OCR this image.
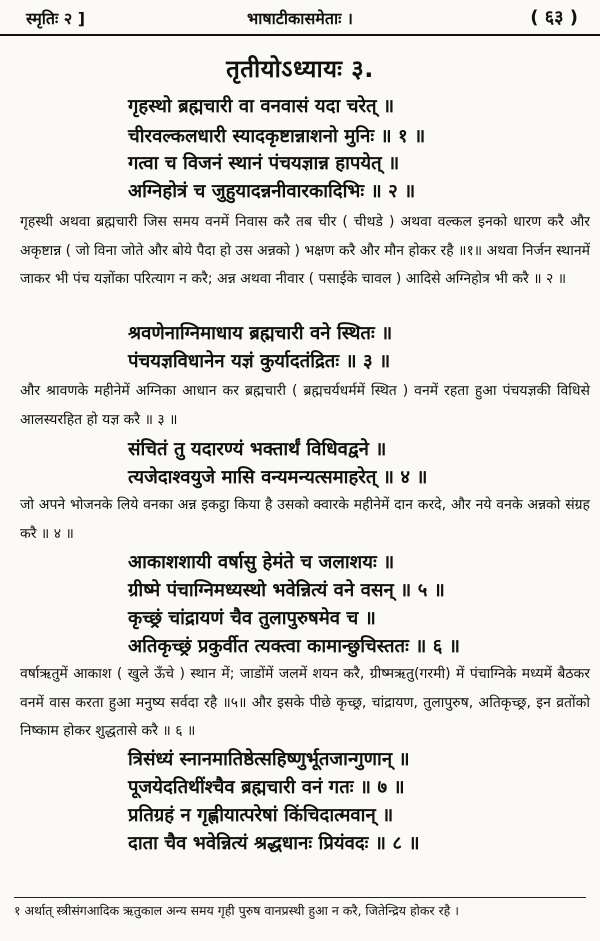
स्मृतिः २ ]	भाषाटीकासमेताः ।	( ६३ )
तृतीयोऽध्यायः ३.
गृहस्थो ब्रह्मचारी वा वनवासं यदा चरेत् ॥
चीरवल्कलधारी स्यादकृष्टान्नाशनो मुनिः ॥ १ ॥
गत्वा च विजनं स्थानं पंचयज्ञान्न हापयेत् ॥
अग्निहोत्रं च जुहुयादन्ननीवारकादिभिः ॥ २ ॥
गृहस्थी अथवा ब्रह्मचारी जिस समय वनमें निवास करै तब चीर ( चीथडे ) अथवा वल्कल इनको धारण करै और अकृष्टान्न ( जो विना जोते और बोये पैदा हो उस अन्नको ) भक्षण करै और मौन होकर रहै ॥१॥ अथवा निर्जन स्थानमें जाकर भी पंच यज्ञोंका परित्याग न करै; अन्न अथवा नीवार ( पसाईके चावल ) आदिसे अग्निहोत्र भी करै ॥ २ ॥
श्रवणेनाग्निमाधाय ब्रह्मचारी वने स्थितः ॥
पंचयज्ञविधानेन यज्ञं कुर्यादतंद्रितः ॥ ३ ॥
और श्रावणके महीनेमें अग्निका आधान कर ब्रह्मचारी ( ब्रह्मचर्यधर्ममें स्थित ) वनमें रहता हुआ पंचयज्ञकी विधिसे आलस्यरहित हो यज्ञ करै ॥ ३ ॥
संचितं तु यदारण्यं भक्तार्थं विधिवद्वने ॥
त्यजेदाश्वयुजे मासि वन्यमन्यत्समाहरेत् ॥ ४ ॥
जो अपने भोजनके लिये वनका अन्न इकट्ठा किया है उसको क्वारके महीनेमें दान करदे, और नये वनके अन्नको संग्रह करै ॥ ४ ॥
आकाशशायी वर्षासु हेमंते च जलाशयः ॥
ग्रीष्मे पंचाग्निमध्यस्थो भवेन्नित्यं वने वसन् ॥ ५ ॥
कृच्छ्रं चांद्रायणं चैव तुलापुरुषमेव च ॥
अतिकृच्छ्रं प्रकुर्वीत त्यक्त्वा कामान्छुचिस्ततः ॥ ६ ॥
वर्षाऋतुमें आकाश ( खुले ऊँचे ) स्थान में; जाडोंमें जलमें शयन करै, ग्रीष्मऋतु(गरमी) में पंचाग्निके मध्यमें बैठकर वनमें वास करता हुआ मनुष्य सर्वदा रहै ॥५॥ और इसके पीछे कृच्छ्र, चांद्रायण, तुलापुरुष, अतिकृच्छ्र, इन व्रतोंको निष्काम होकर शुद्धतासे करै ॥ ६ ॥
त्रिसंध्यं स्नानमातिष्ठेत्सहिष्णुर्भूतजान्गुणान् ॥
पूजयेदतिथींश्चैव ब्रह्मचारी वनं गतः ॥ ७ ॥
प्रतिग्रहं न गृह्णीयात्परेषां किंचिदात्मवान् ॥
दाता चैव भवेन्नित्यं श्रद्धधानः प्रियंवदः ॥ ८ ॥
१ अर्थात् स्त्रीसंगआदिक ऋतुकाल अन्य समय गृही पुरुष वानप्रस्थी हुआ न करै, जितेन्द्रिय होकर रहै ।
